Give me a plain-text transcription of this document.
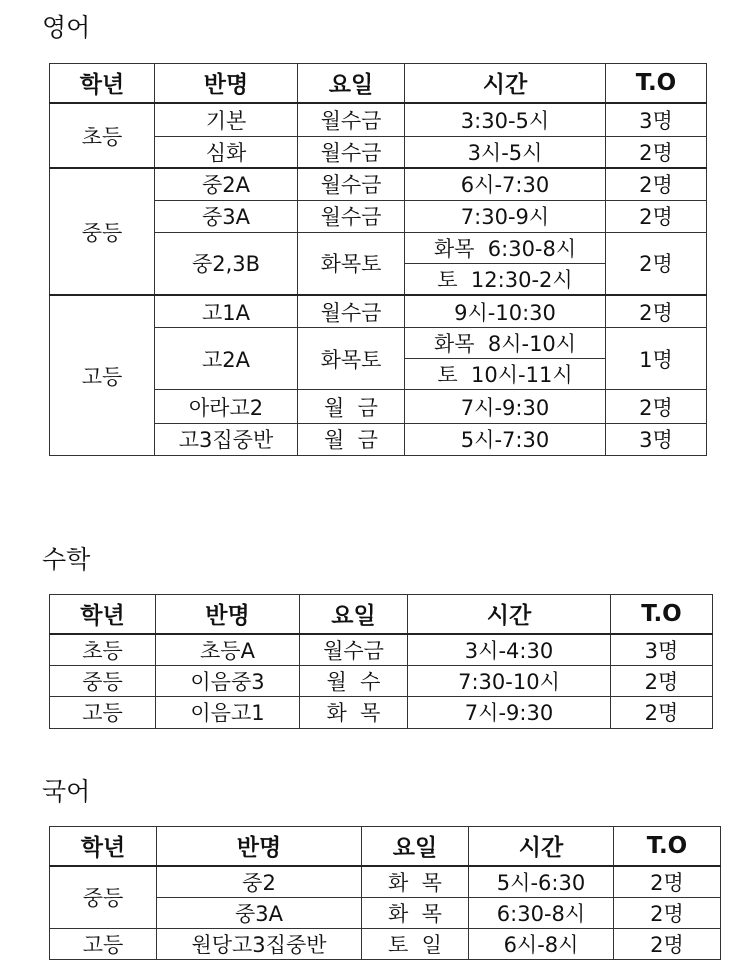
영어
학년	반명	요일	시간	T.O
초등	기본	월수금	3:30-5시	3명
	심화	월수금	3시-5시	2명
중등	중2A	월수금	6시-7:30	2명
	중3A	월수금	7:30-9시	2명
	중2,3B	화목토	화목  6:30-8시	2명
			토  12:30-2시	
고등	고1A	월수금	9시-10:30	2명
	고2A	화목토	화목  8시-10시	1명
			토  10시-11시	
	아라고2	월  금	7시-9:30	2명
	고3집중반	월  금	5시-7:30	3명
수학
학년	반명	요일	시간	T.O
초등	초등A	월수금	3시-4:30	3명
중등	이음중3	월  수	7:30-10시	2명
고등	이음고1	화  목	7시-9:30	2명
국어
학년	반명	요일	시간	T.O
중등	중2	화  목	5시-6:30	2명
	중3A	화  목	6:30-8시	2명
고등	원당고3집중반	토  일	6시-8시	2명
